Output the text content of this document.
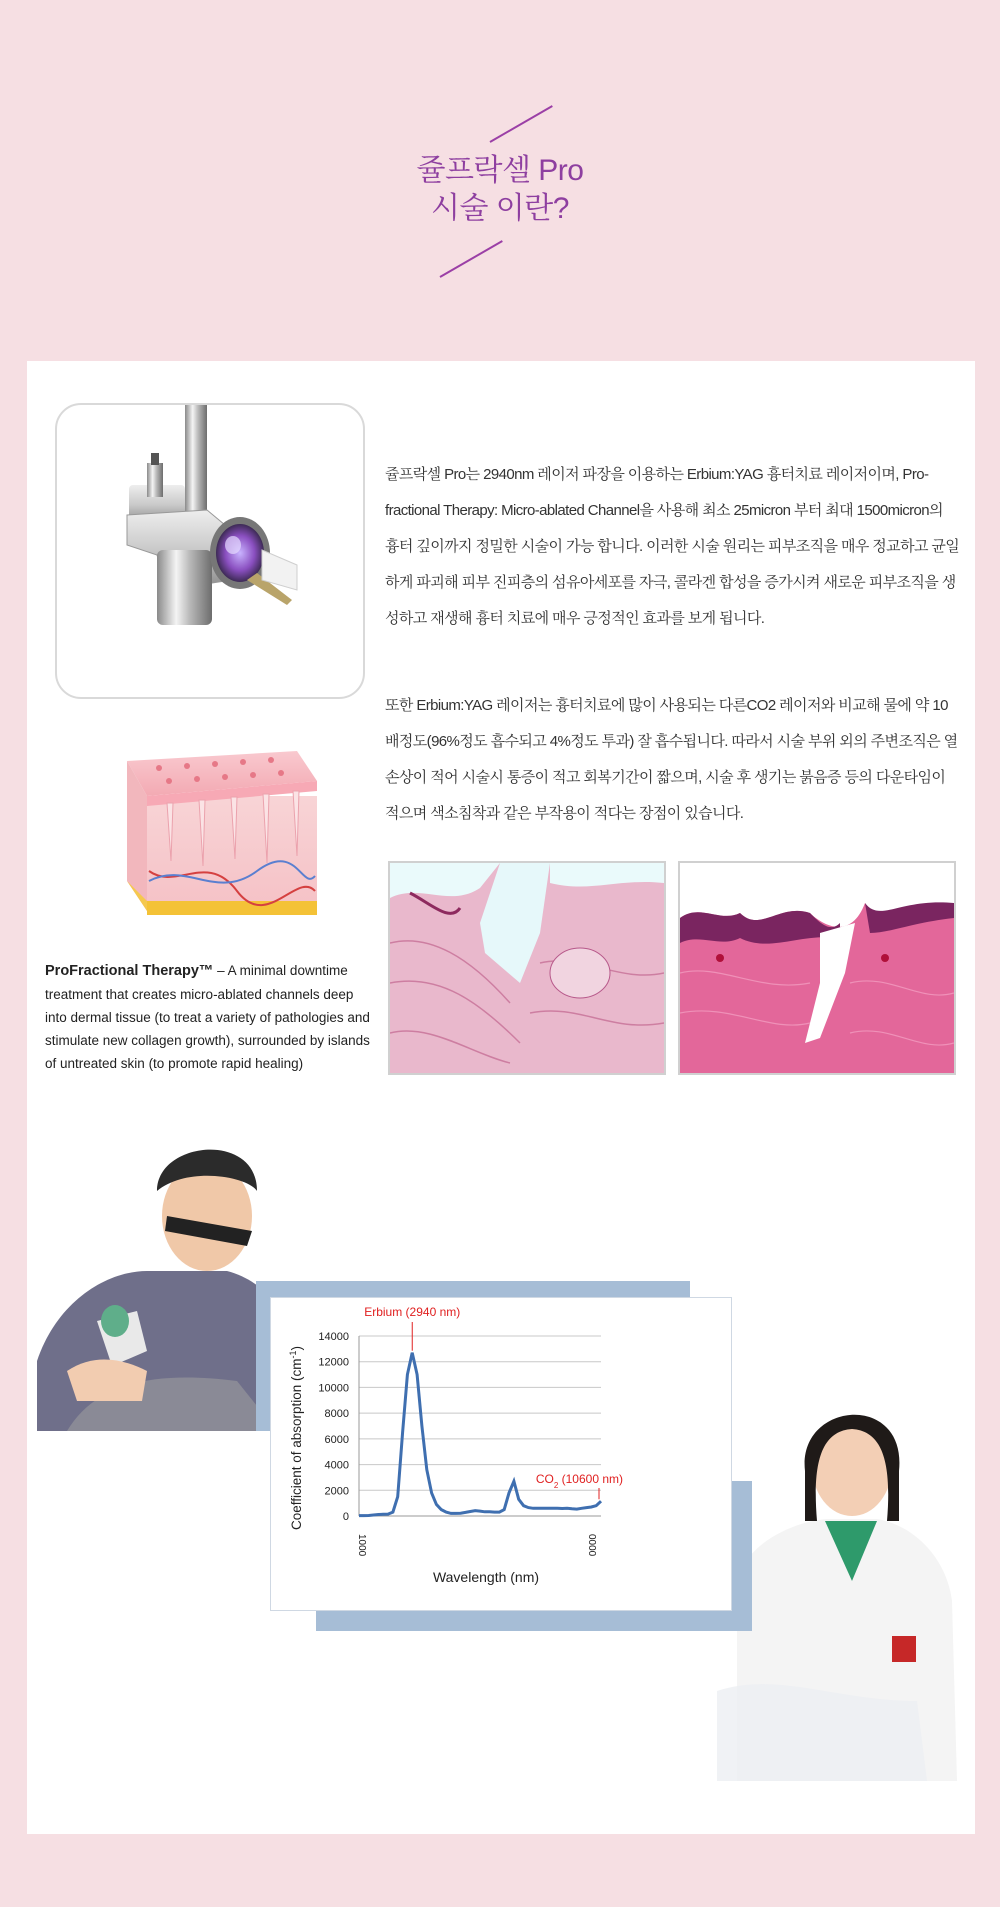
쥴프락셀 Pro
시술 이란?
ProFractional Therapy™ – A minimal downtime treatment that creates micro-ablated channels deep into dermal tissue (to treat a variety of pathologies and stimulate new collagen growth), surrounded by islands of untreated skin (to promote rapid healing)
쥴프락셀 Pro는 2940nm 레이저 파장을 이용하는 Erbium:YAG 흉터치료 레이저이며, Pro-fractional Therapy: Micro-ablated Channel을 사용해 최소 25micron 부터 최대 1500micron의 흉터 깊이까지 정밀한 시술이 가능 합니다. 이러한 시술 원리는 피부조직을 매우 정교하고 균일하게 파괴해 피부 진피층의 섬유아세포를 자극, 콜라겐 합성을 증가시켜 새로운 피부조직을 생성하고 재생해 흉터 치료에 매우 긍정적인 효과를 보게 됩니다.
또한 Erbium:YAG 레이저는 흉터치료에 많이 사용되는 다른CO2 레이저와 비교해 물에 약 10배정도(96%정도 흡수되고 4%정도 투과) 잘 흡수됩니다. 따라서 시술 부위 외의 주변조직은 열손상이 적어 시술시 통증이 적고 회복기간이 짧으며, 시술 후 생기는 붉음증 등의 다운타임이 적으며 색소침착과 같은 부작용이 적다는 장점이 있습니다.
0
2000
4000
6000
8000
10000
12000
14000
1000	0000
Erbium (2940 nm)
$CO_2$ (10600 nm)
Wavelength (nm)
Coefficient of absorption $(cm^{-1})$
